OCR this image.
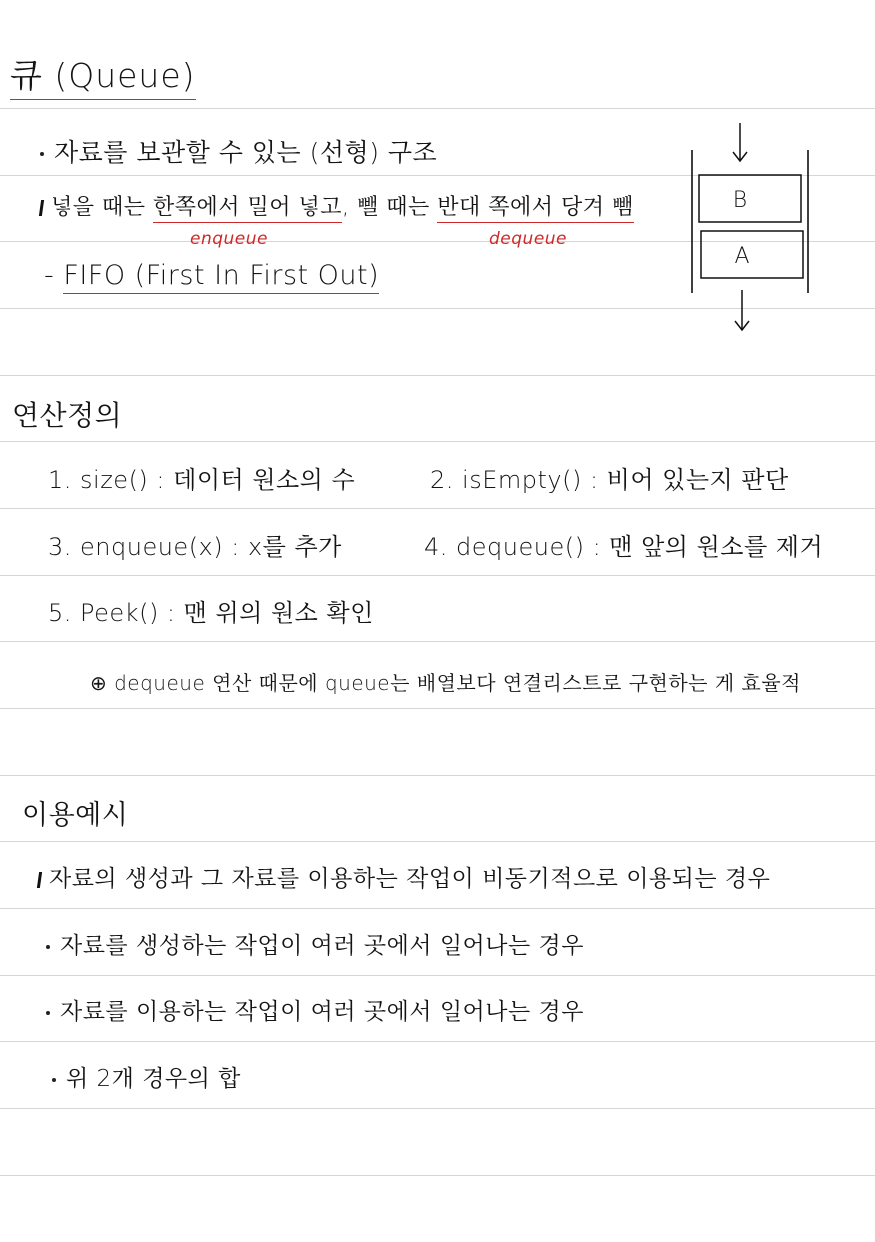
큐 (Queue)
자료를 보관할 수 있는 (선형) 구조
넣을 때는 한쪽에서 밀어 넣고, 뺄 때는 반대 쪽에서 당겨 뺌
enqueue	dequeue
- FIFO (First In First Out)
B
A
연산정의
1. size() : 데이터 원소의 수	2. isEmpty() : 비어 있는지 판단
3. enqueue(x) : x를 추가	4. dequeue() : 맨 앞의 원소를 제거
5. Peek() : 맨 위의 원소 확인
⊕ dequeue 연산 때문에 queue는 배열보다 연결리스트로 구현하는 게 효율적
이용예시
자료의 생성과 그 자료를 이용하는 작업이 비동기적으로 이용되는 경우
자료를 생성하는 작업이 여러 곳에서 일어나는 경우
자료를 이용하는 작업이 여러 곳에서 일어나는 경우
위 2개 경우의 합
